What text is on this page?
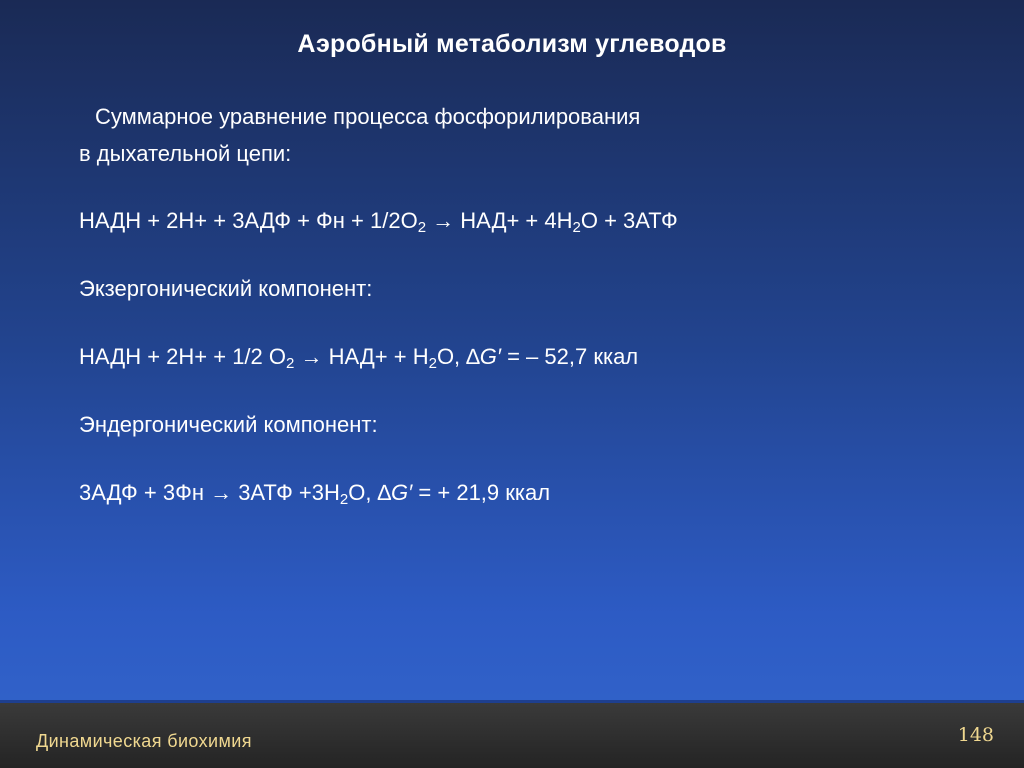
Аэробный метаболизм углеводов
Суммарное уравнение процесса фосфорилирования
в дыхательной цепи:
НАДН + 2Н+ + 3АДФ + Фн + $1/2О_2 \to НАД+ + 4Н_2О + 3АТФ$
Экзергонический компонент:
НАДН + 2Н+ + 1/2 $О_2 \to НАД+ + Н_2О$, ∆G′ = – 52,7 ккал
Эндергонический компонент:
$3АДФ + 3Фн \to 3АТФ +3Н_2О$, ∆G′ = + 21,9 ккал
Динамическая биохимия	148
